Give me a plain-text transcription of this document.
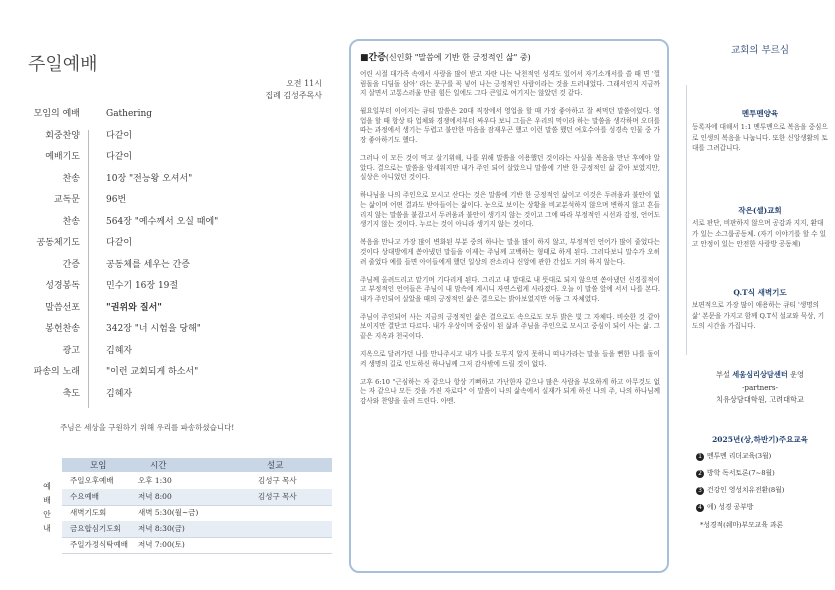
주일예배
오전 11시
집례 김성주목사
모임의 예배	Gathering
회중찬양	다같이
예배기도	다같이
찬송	10장 "전능왕 오셔서"
교독문	96번
찬송	564장 "예수께서 오실 때에"
공동체기도	다같이
간증	공동체를 세우는 간증
성경봉독	민수기 16장 19절
말씀선포	"권위와 질서"
봉헌찬송	342장 "너 시험을 당해"
광고	김혜자
파송의 노래	"이런 교회되게 하소서"
축도	김혜자
주님은 세상을 구원하기 위해 우리를 파송하셨습니다!
모임	시간	설교
예
배
안
내
주일오후예배	오후 1:30	김성구 목사
수요예배	저녁 8:00	김성구 목사
새벽기도회	새벽 5:30(월~금)
금요합심기도회 저녁 8:30(금)
주일가정식탁예배 저녁 7:00(토)
■간증(신인화 "말씀에 기반 한 긍정적인 삶" 중)

어린 시절 대가족 속에서 사랑을 많이 받고 자란 나는 낙천적인 성격도 있어서 자기소개서를 쓸 때 면 '껄림돌을 디딤돌 삼아' 라는 문구를 꼭 넣어 나는 긍정적인 사람이라는 것을 드러내었다. 그래서인지 지금까지 살면서 고통스러울 만큼 힘든 일에도 그다 큰일로 여기지는 않았던 것 같다.

월요일부터 이어지는 큐티 말씀은 20대 직장에서 영업을 할 때 가장 좋아하고 잘 써먹던 말씀이었다. 영업을 할 때 항상 타 업체와 경쟁에서부터 싸우다 보니 그들은 우리의 먹이라 하는 말씀을 생각하며 오더를 따는 과정에서 생기는 두렵고 불안한 마음을 잠재우곤 했고 이런 말씀 했던 여호수아를 성경속 인물 중 가장 좋아하기도 했다.

그러나 이 모든 것이 먹고 살기위해, 나를 위해 말씀을 이용했던 것이라는 사실을 복음을 만난 후에야 알았다. 결으로는 말씀을 암세워지만 내가 주인 되어 살았으니 말씀에 기반 한 긍정적인 삶 같아 보였지만, 실상은 아니었던 것이다.

하나님을 나의 주인으로 모시고 산다는 것은 말씀에 기반 한 긍정적인 삶이고 이것은 두려움과 불안이 없는 삶이며 어떤 결과도 받아들이는 삶이다. 눈으로 보이는 상황을 비교분석하지 않으며 변하지 않고 흔들리지 않는 말씀을 붙잡고서 두려움과 불안이 생기지 않는 것이고 그에 따라 부정적인 시선과 감정, 언어도 생기지 않는 것이다. 누르는 것이 아니라 생기지 않는 것이다.

복음을 만나고 가장 많이 변화된 부분 중의 하나는 말을 많이 하지 않고, 부정적인 언어가 많이 줄었다는 것이다 상대방에게 쏟아냈던 말들을 이제는 주님께 고백하는 형태로 하게 된다. 그러다보니 말수가 오히려 줄었다 예를 들면 아이들에게 했던 일상의 잔소리나 신앙에 관한 간섭도 거의 하지 않는다.

주님께 올려드리고 맡기며 기다리게 된다. 그리고 내 말대로 내 뜻대로 되지 않으면 쏟아냈던 신경질적이고 부정적인 언어들은 주님이 내 맘속에 계시니 자연스럽게 사라졌다. 오늘 이 말씀 앞에 서서 나를 본다. 내가 주인되어 살았을 때의 긍정적인 삶은 결으로는 밝아보였지만 어둠 그 자체였다.

주님이 주인되어 사는 지금의 긍정적인 삶은 결으로도 속으로도 모두 밝은 빛 그 자체다. 비슷한 것 같아 보이지만 결단코 다르다. 내가 우상이며 중심이 된 삶과 주님을 주인으로 모시고 중심이 되어 사는 삶. 그 끝은 지옥과 천국이다.

지옥으로 달려가던 나를 만나주시고 내가 나를 도무지 알지 못하니 떠나가라는 말을 들을 뻔한 나를 돌이켜 생명의 길로 인도하신 하나님께 그저 감사밖에 드릴 것이 없다.

고후 6:10 "근심하는 자 같으나 항상 기뻐하고 가난한자 같으나 많은 사람을 부요하게 하고 아무것도 없는 자 같으나 모든 것을 가진 자로다" 이 말씀이 나의 삶속에서 실재가 되게 하신 나의 주, 나의 하나님께 감사와 찬양을 올려 드린다. 아멘.

교회의 부르심
멘투멘양육
등록자에 대해서 1:1 멘투멘으로 복음을 중심으로 인생의 복음을 나눕니다. 또한 신앙생활의 토대를 그려갑니다.
작은(셀)교회
서로 판단, 비판하지 않으며 공감과 지지, 환대가 있는 소그룹공동체. (자기 이야기를 할 수 있고 안정이 있는 안전한 사랑방 공동체)
Q.T식 새벽기도
보편적으로 가장 많이 애용하는 큐티 '생명의 삶' 본문을 가지고 함께 Q.T식 설교와 묵상, 기도의 시간을 가집니다.
부설 세움심리상담센터 운영
-partners-
치유상담대학원, 고려대학교
2025년(상,하반기)주요교육
1 멘투멘 리더교육(3월)
2 방학 독서토론(7~8월)
3 건강인 영성치유전환(8월)
4 에) 성경 공부방
*성경적(쉐마)부모교육 과론
